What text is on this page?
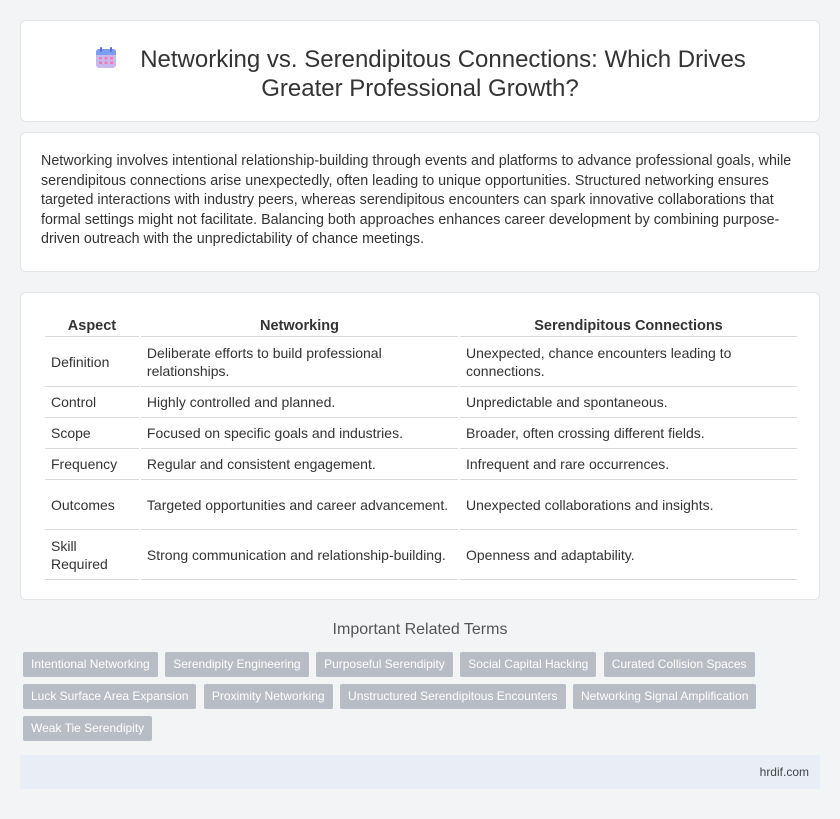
Networking vs. Serendipitous Connections: Which Drives Greater Professional Growth?

Networking involves intentional relationship-building through events and platforms to advance professional goals, while serendipitous connections arise unexpectedly, often leading to unique opportunities. Structured networking ensures targeted interactions with industry peers, whereas serendipitous encounters can spark innovative collaborations that formal settings might not facilitate. Balancing both approaches enhances career development by combining purpose-driven outreach with the unpredictability of chance meetings.

Aspect	Networking	Serendipitous Connections
Definition	Deliberate efforts to build professional relationships.	Unexpected, chance encounters leading to connections.
Control	Highly controlled and planned.	Unpredictable and spontaneous.
Scope	Focused on specific goals and industries.	Broader, often crossing different fields.
Frequency	Regular and consistent engagement.	Infrequent and rare occurrences.
Outcomes	Targeted opportunities and career advancement.	Unexpected collaborations and insights.
Skill Required	Strong communication and relationship-building.	Openness and adaptability.
Important Related Terms
Intentional Networking Serendipity Engineering Purposeful Serendipity Social Capital Hacking Curated Collision Spaces Luck Surface Area Expansion Proximity Networking Unstructured Serendipitous Encounters Networking Signal Amplification Weak Tie Serendipity
hrdif.com
